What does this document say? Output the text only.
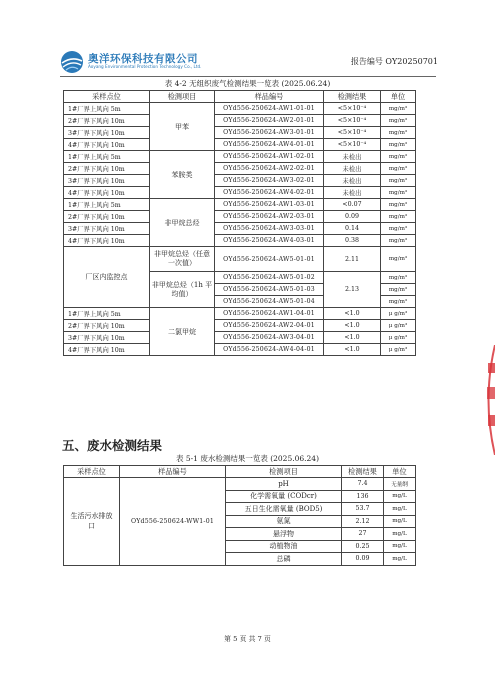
奥洋环保科技有限公司
Aoyang Environmental Protection Technology Co., Ltd.
报告编号 OY20250701
表 4-2 无组织废气检测结果一览表 (2025.06.24)
采样点位	检测项目	样品编号	检测结果	单位
1#厂界上风向 5m	甲苯	OYd556-250624-AW1-01-01	<5×10⁻⁴	mg/m³
2#厂界下风向 10m		OYd556-250624-AW2-01-01	<5×10⁻⁴	mg/m³
3#厂界下风向 10m		OYd556-250624-AW3-01-01	<5×10⁻⁴	mg/m³
4#厂界下风向 10m		OYd556-250624-AW4-01-01	<5×10⁻⁴	mg/m³
1#厂界上风向 5m	苯胺类	OYd556-250624-AW1-02-01	未检出	mg/m³
2#厂界下风向 10m		OYd556-250624-AW2-02-01	未检出	mg/m³
3#厂界下风向 10m		OYd556-250624-AW3-02-01	未检出	mg/m³
4#厂界下风向 10m		OYd556-250624-AW4-02-01	未检出	mg/m³
1#厂界上风向 5m	非甲烷总烃	OYd556-250624-AW1-03-01	<0.07	mg/m³
2#厂界下风向 10m		OYd556-250624-AW2-03-01	0.09	mg/m³
3#厂界下风向 10m		OYd556-250624-AW3-03-01	0.14	mg/m³
4#厂界下风向 10m		OYd556-250624-AW4-03-01	0.38	mg/m³
厂区内监控点	非甲烷总烃（任意一次值）	OYd556-250624-AW5-01-01	2.11	mg/m³
	非甲烷总烃（1h 平均值）	OYd556-250624-AW5-01-02	2.13	mg/m³
		OYd556-250624-AW5-01-03		mg/m³
		OYd556-250624-AW5-01-04		mg/m³
1#厂界上风向 5m	二氯甲烷	OYd556-250624-AW1-04-01	<1.0	μ g/m³
2#厂界下风向 10m		OYd556-250624-AW2-04-01	<1.0	μ g/m³
3#厂界下风向 10m		OYd556-250624-AW3-04-01	<1.0	μ g/m³
4#厂界下风向 10m		OYd556-250624-AW4-04-01	<1.0	μ g/m³
五、废水检测结果
表 5-1 废水检测结果一览表 (2025.06.24)
采样点位	样品编号	检测项目	检测结果	单位
生活污水排放口	OYd556-250624-WW1-01	pH	7.4	无量纲
		化学需氧量 (CODcr)	136	mg/L
		五日生化需氧量 (BOD5)	53.7	mg/L
		氨氮	2.12	mg/L
		悬浮物	27	mg/L
		动植物油	0.25	mg/L
		总磷	0.09	mg/L
第 5 页 共 7 页
